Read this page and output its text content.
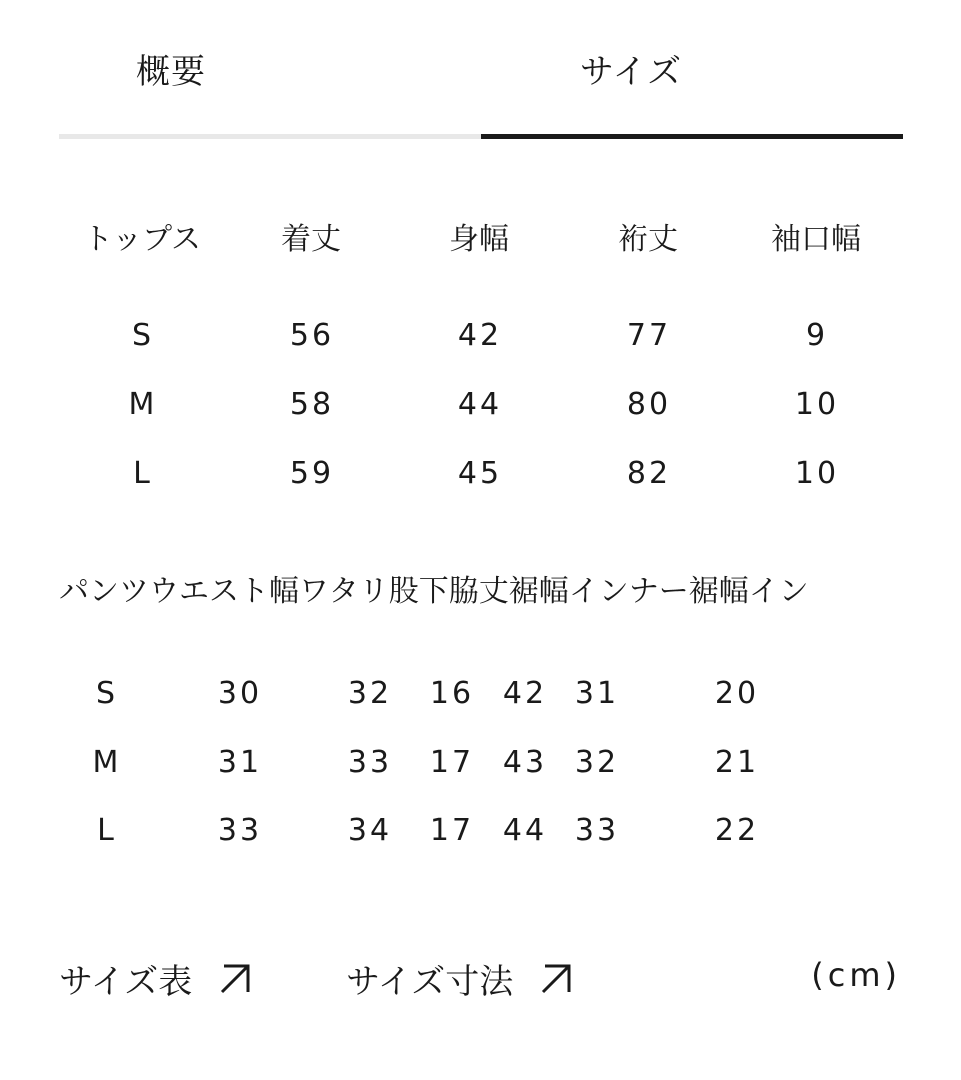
概要	サイズ
トップス	着丈	身幅	裄丈	袖口幅
S	56	42	77	9
M	58	44	80	10
L	59	45	82	10
パンツウエスト幅ワタリ股下脇丈裾幅インナー裾幅イン
S	30	32 16 42 31	20
M	31	33 17 43 32	21
L	33	34 17 44 33	22
サイズ表	サイズ寸法	(cm)
